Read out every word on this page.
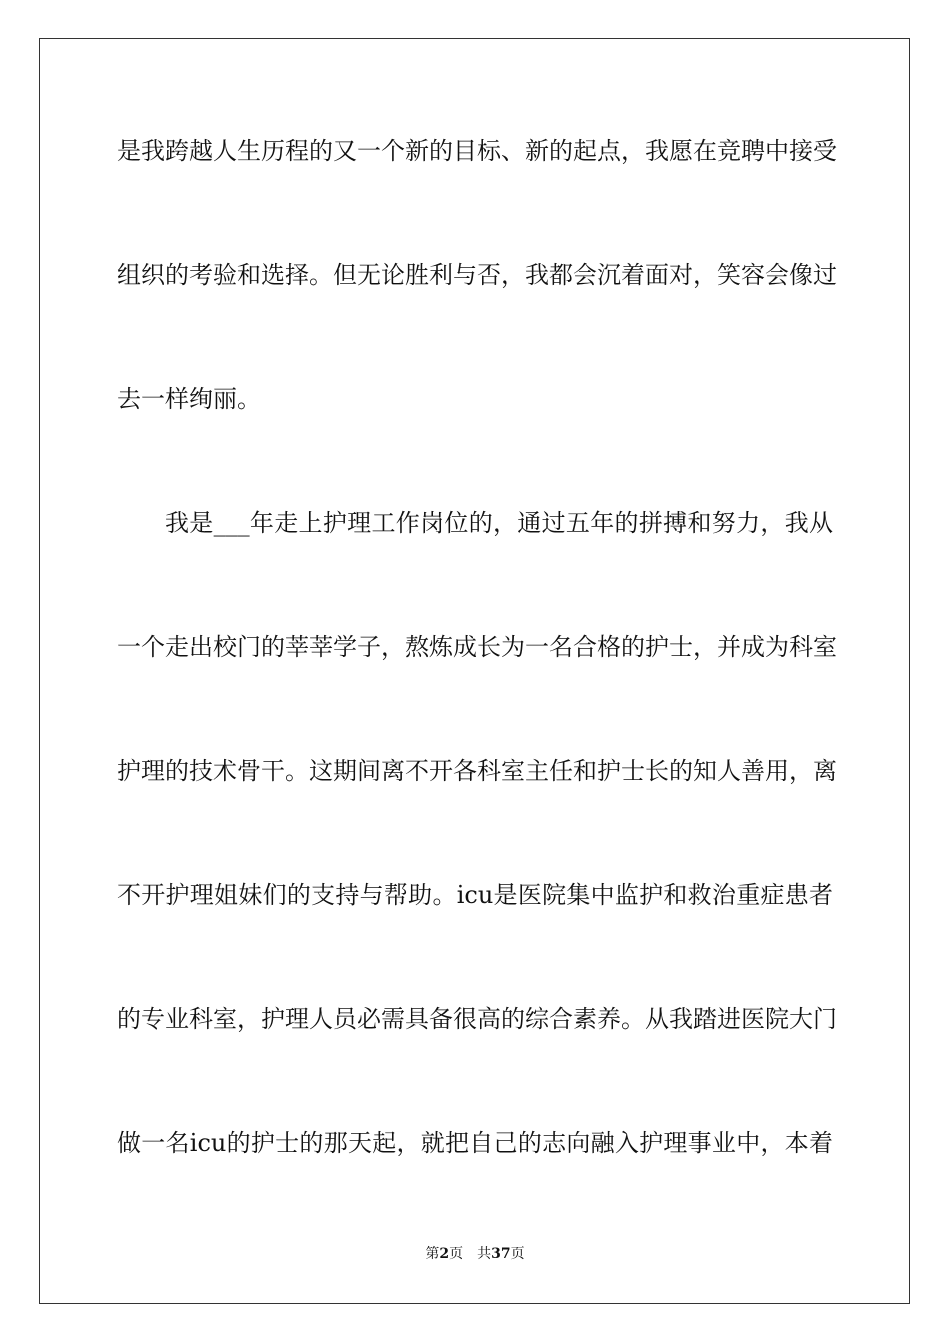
是我跨越人生历程的又一个新的目标、新的起点，我愿在竞聘中接受
组织的考验和选择。但无论胜利与否，我都会沉着面对，笑容会像过
去一样绚丽。
我是___年走上护理工作岗位的，通过五年的拼搏和努力，我从
一个走出校门的莘莘学子，熬炼成长为一名合格的护士，并成为科室
护理的技术骨干。这期间离不开各科室主任和护士长的知人善用，离
不开护理姐妹们的支持与帮助。icu是医院集中监护和救治重症患者
的专业科室，护理人员必需具备很高的综合素养。从我踏进医院大门
做一名icu的护士的那天起，就把自己的志向融入护理事业中，本着
第2页 共37页
